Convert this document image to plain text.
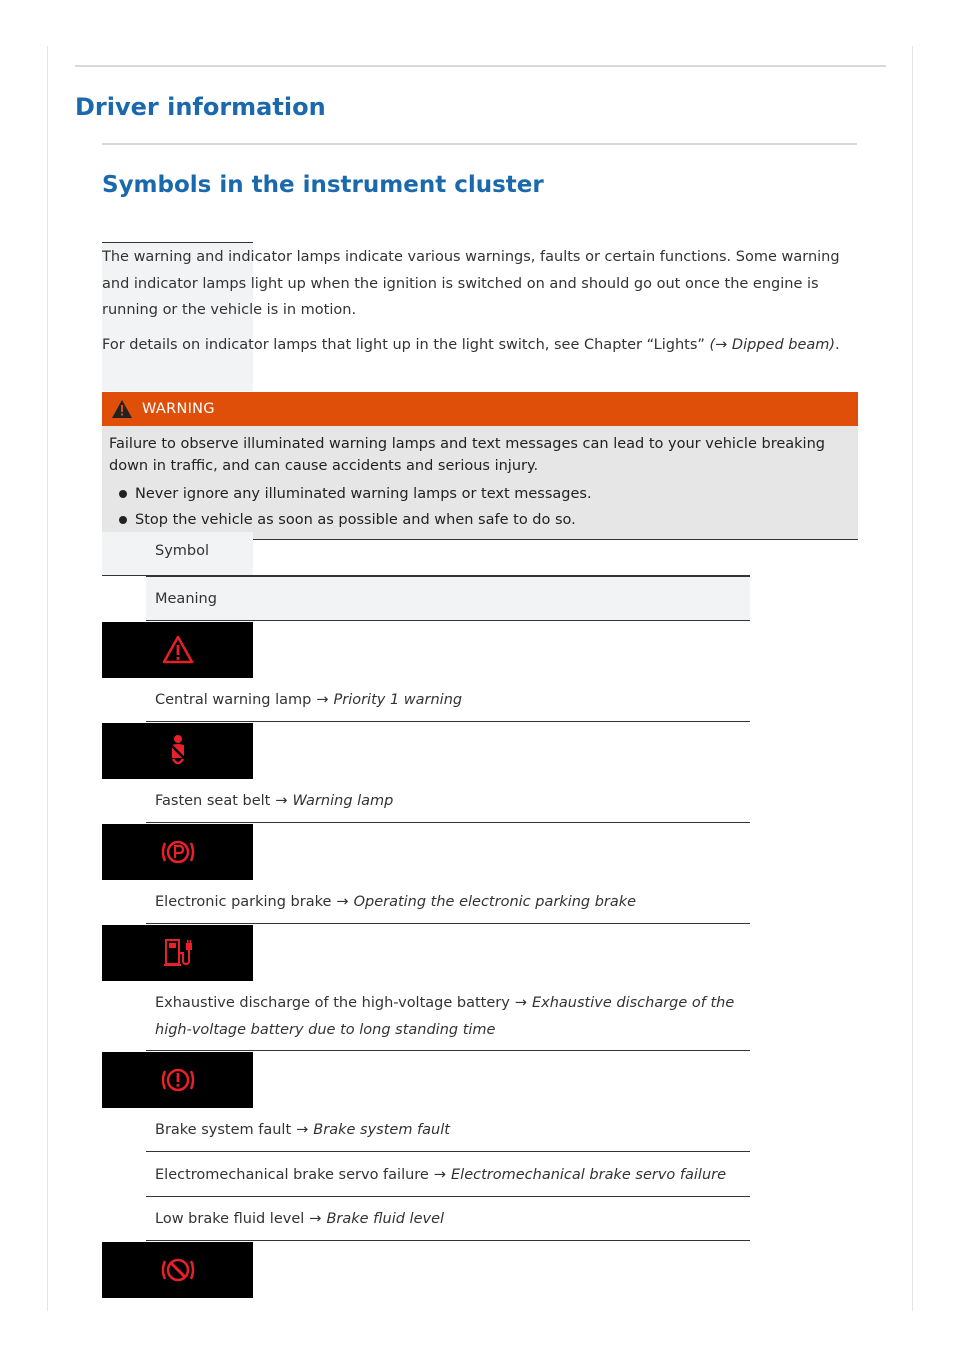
Driver information
Symbols in the instrument cluster

The warning and indicator lamps indicate various warnings, faults or certain functions. Some warning and indicator lamps light up when the ignition is switched on and should go out once the engine is running or the vehicle is in motion.

For details on indicator lamps that light up in the light switch, see Chapter “Lights” (→ Dipped beam).

WARNING

Failure to observe illuminated warning lamps and text messages can lead to your vehicle breaking down in traffic, and can cause accidents and serious injury.

Never ignore any illuminated warning lamps or text messages.
Stop the vehicle as soon as possible and when safe to do so.
Symbol
Meaning
Central warning lamp → Priority 1 warning
Fasten seat belt → Warning lamp
Electronic parking brake → Operating the electronic parking brake
Exhaustive discharge of the high-voltage battery → Exhaustive discharge of the high-voltage battery due to long standing time
Brake system fault → Brake system fault
Electromechanical brake servo failure → Electromechanical brake servo failure
Low brake fluid level → Brake fluid level
